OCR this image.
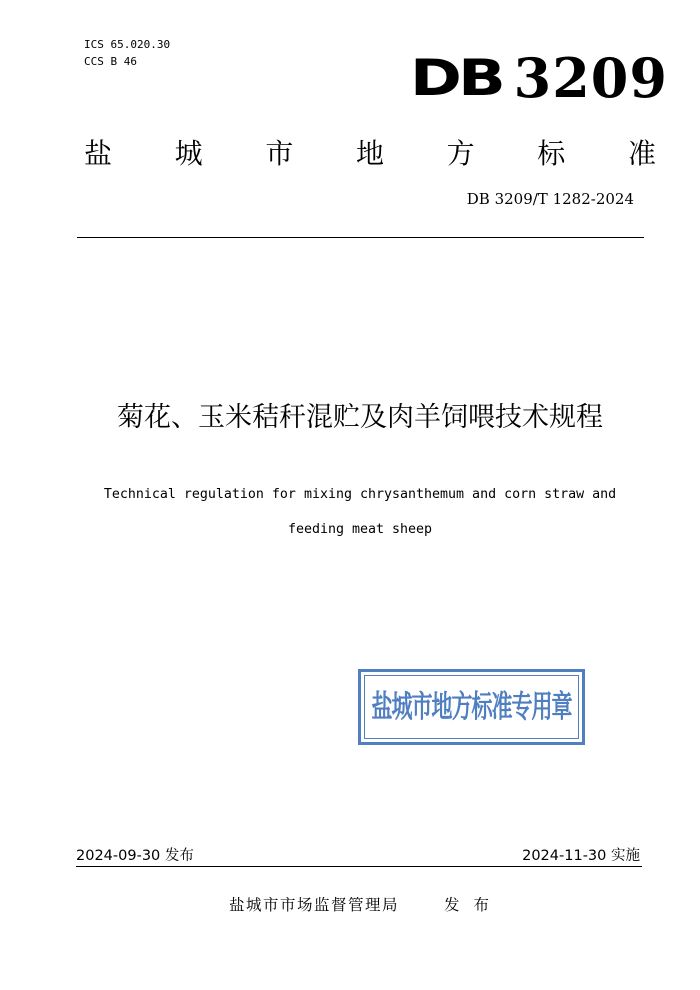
ICS 65.020.30
CCS B 46	DB 3209
盐 城 市 地 方 标 准
DB 3209/T 1282-2024
菊花、玉米秸秆混贮及肉羊饲喂技术规程
Technical regulation for mixing chrysanthemum and corn straw and
feeding meat sheep
盐城市地方标准专用章
2024-09-30 发布	2024-11-30 实施
盐城市市场监督管理局	发布
